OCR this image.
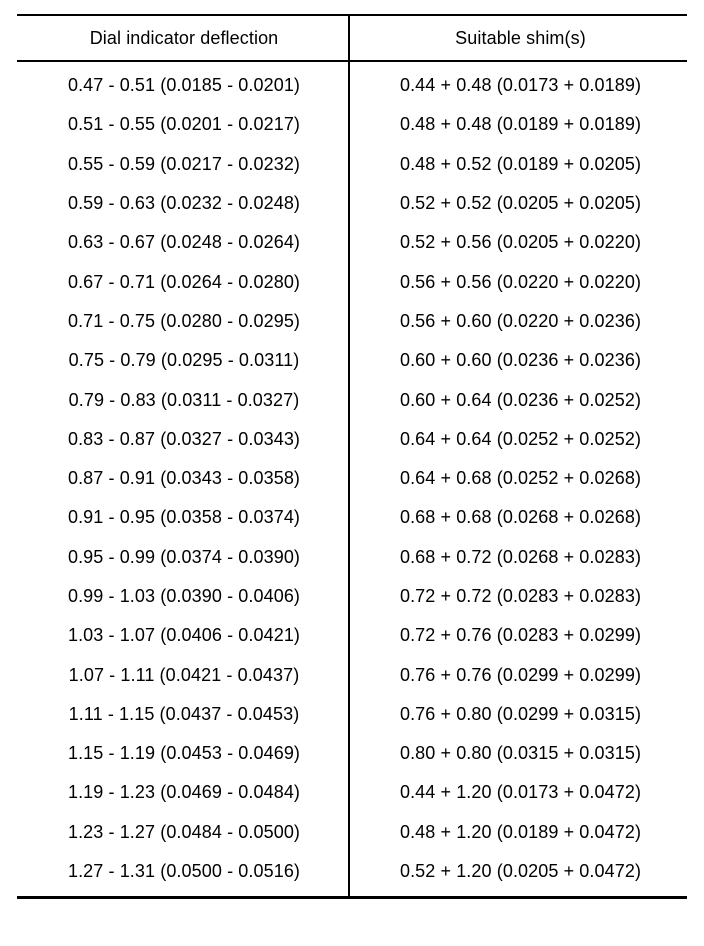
Dial indicator deflection	Suitable shim(s)
0.47 - 0.51 (0.0185 - 0.0201)	0.44 + 0.48 (0.0173 + 0.0189)
0.51 - 0.55 (0.0201 - 0.0217)	0.48 + 0.48 (0.0189 + 0.0189)
0.55 - 0.59 (0.0217 - 0.0232)	0.48 + 0.52 (0.0189 + 0.0205)
0.59 - 0.63 (0.0232 - 0.0248)	0.52 + 0.52 (0.0205 + 0.0205)
0.63 - 0.67 (0.0248 - 0.0264)	0.52 + 0.56 (0.0205 + 0.0220)
0.67 - 0.71 (0.0264 - 0.0280)	0.56 + 0.56 (0.0220 + 0.0220)
0.71 - 0.75 (0.0280 - 0.0295)	0.56 + 0.60 (0.0220 + 0.0236)
0.75 - 0.79 (0.0295 - 0.0311)	0.60 + 0.60 (0.0236 + 0.0236)
0.79 - 0.83 (0.0311 - 0.0327)	0.60 + 0.64 (0.0236 + 0.0252)
0.83 - 0.87 (0.0327 - 0.0343)	0.64 + 0.64 (0.0252 + 0.0252)
0.87 - 0.91 (0.0343 - 0.0358)	0.64 + 0.68 (0.0252 + 0.0268)
0.91 - 0.95 (0.0358 - 0.0374)	0.68 + 0.68 (0.0268 + 0.0268)
0.95 - 0.99 (0.0374 - 0.0390)	0.68 + 0.72 (0.0268 + 0.0283)
0.99 - 1.03 (0.0390 - 0.0406)	0.72 + 0.72 (0.0283 + 0.0283)
1.03 - 1.07 (0.0406 - 0.0421)	0.72 + 0.76 (0.0283 + 0.0299)
1.07 - 1.11 (0.0421 - 0.0437)	0.76 + 0.76 (0.0299 + 0.0299)
1.11 - 1.15 (0.0437 - 0.0453)	0.76 + 0.80 (0.0299 + 0.0315)
1.15 - 1.19 (0.0453 - 0.0469)	0.80 + 0.80 (0.0315 + 0.0315)
1.19 - 1.23 (0.0469 - 0.0484)	0.44 + 1.20 (0.0173 + 0.0472)
1.23 - 1.27 (0.0484 - 0.0500)	0.48 + 1.20 (0.0189 + 0.0472)
1.27 - 1.31 (0.0500 - 0.0516)	0.52 + 1.20 (0.0205 + 0.0472)
